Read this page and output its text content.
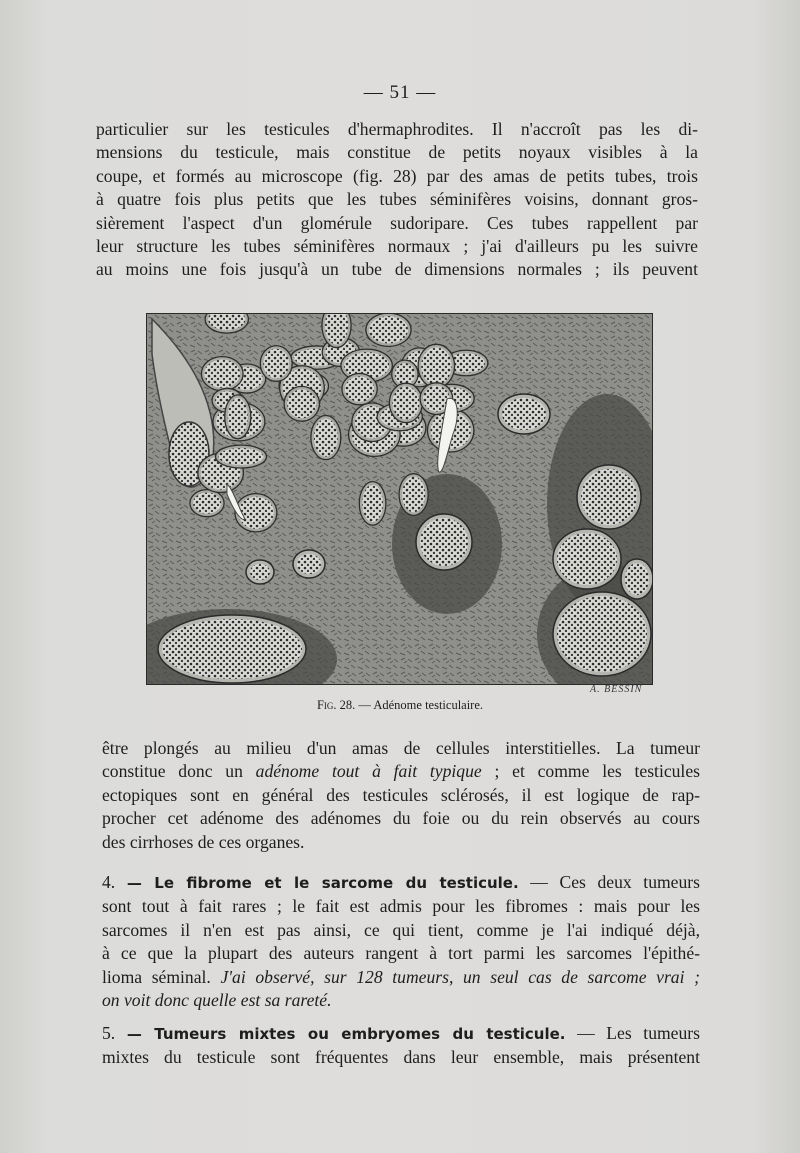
— 51 —
particulier sur les testicules d'hermaphrodites. Il n'accroît pas les di-
mensions du testicule, mais constitue de petits noyaux visibles à la
coupe, et formés au microscope (fig. 28) par des amas de petits tubes, trois
à quatre fois plus petits que les tubes séminifères voisins, donnant gros-
sièrement l'aspect d'un glomérule sudoripare. Ces tubes rappellent par
leur structure les tubes séminifères normaux ; j'ai d'ailleurs pu les suivre
au moins une fois jusqu'à un tube de dimensions normales ; ils peuvent
A. BESSIN
Fig. 28. — Adénome testiculaire.
être plongés au milieu d'un amas de cellules interstitielles. La tumeur
constitue donc un adénome tout à fait typique ; et comme les testicules
ectopiques sont en général des testicules sclérosés, il est logique de rap-
procher cet adénome des adénomes du foie ou du rein observés au cours
des cirrhoses de ces organes.
4. — Le fibrome et le sarcome du testicule. — Ces deux tumeurs
sont tout à fait rares ; le fait est admis pour les fibromes : mais pour les
sarcomes il n'en est pas ainsi, ce qui tient, comme je l'ai indiqué déjà,
à ce que la plupart des auteurs rangent à tort parmi les sarcomes l'épithé-
lioma séminal. J'ai observé, sur 128 tumeurs, un seul cas de sarcome vrai ;
on voit donc quelle est sa rareté.
5. — Tumeurs mixtes ou embryomes du testicule. — Les tumeurs
mixtes du testicule sont fréquentes dans leur ensemble, mais présentent
